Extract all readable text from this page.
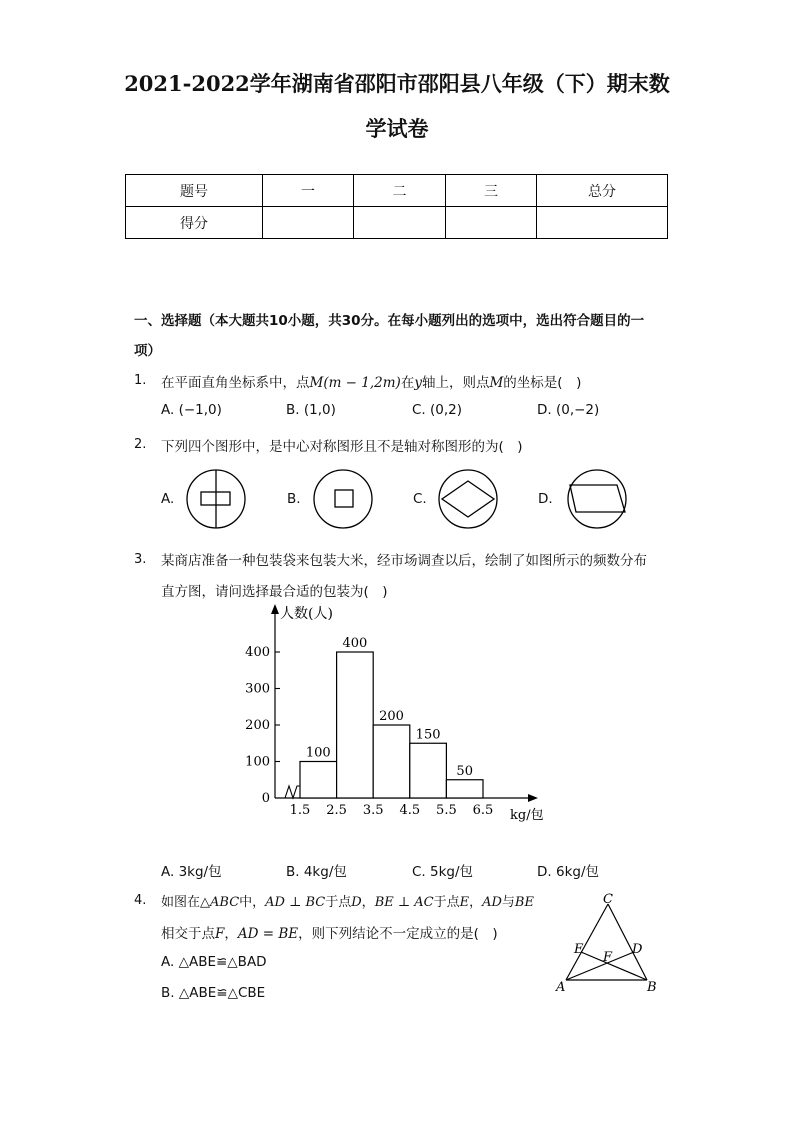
2021-2022学年湖南省邵阳市邵阳县八年级（下）期末数
学试卷
题号	一	二	三	总分
得分				
一、选择题（本大题共10小题，共30分。在每小题列出的选项中，选出符合题目的一
项）
1. 在平面直角坐标系中，点M(m − 1,2m)在y轴上，则点M的坐标是(　)
A. (−1,0)	B. (1,0)	C. (0,2)	D. (0,−2)
2. 下列四个图形中，是中心对称图形且不是轴对称图形的为(　)
A.	B.	C.	D.
3. 某商店准备一种包装袋来包装大米，经市场调查以后，绘制了如图所示的频数分布
直方图，请问选择最合适的包装为(　)
0
100
200
300
400
人数(人)
100
400
200
150
50
1.5 2.5 3.5 4.5 5.5 6.5 kg/包
A. 3kg/包	B. 4kg/包	C. 5kg/包	D. 6kg/包
4. 如图在△ABC中，AD ⊥ BC于点D，BE ⊥ AC于点E，AD与BE
相交于点F，AD = BE，则下列结论不一定成立的是(　)
A. △ABE≌△BAD
B. △ABE≌△CBE
C
E	D
F
A	B
